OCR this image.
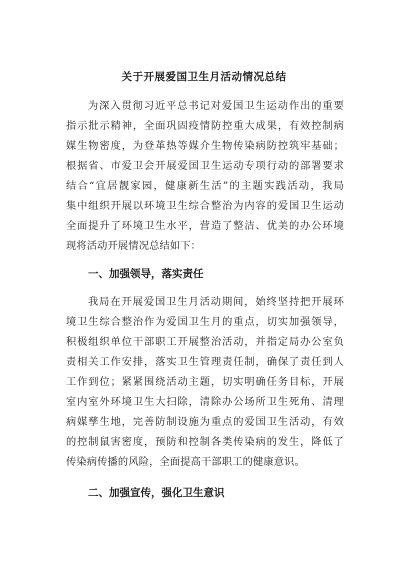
关于开展爱国卫生月活动情况总结
为深入贯彻习近平总书记对爱国卫生运动作出的重要
指示批示精神，全面巩固疫情防控重大成果，有效控制病
媒生物密度，为登革热等媒介生物传染病防控筑牢基础；
根据省、市爱卫会开展爱国卫生运动专项行动的部署要求
结合“宜居靓家园，健康新生活”的主题实践活动，我局
集中组织开展以环境卫生综合整治为内容的爱国卫生运动
全面提升了环境卫生水平，营造了整洁、优美的办公环境
现将活动开展情况总结如下：
一、加强领导，落实责任
我局在开展爱国卫生月活动期间，始终坚持把开展环
境卫生综合整治作为爱国卫生月的重点，切实加强领导，
积极组织单位干部职工开展整治活动，并指定局办公室负
责相关工作安排，落实卫生管理责任制，确保了责任到人
工作到位；紧紧围绕活动主题，切实明确任务目标，开展
室内室外环境卫生大扫除，清除办公场所卫生死角、清理
病媒孳生地，完善防制设施为重点的爱国卫生活动，有效
的控制鼠害密度，预防和控制各类传染病的发生，降低了
传染病传播的风险，全面提高干部职工的健康意识。
二、加强宣传，强化卫生意识
